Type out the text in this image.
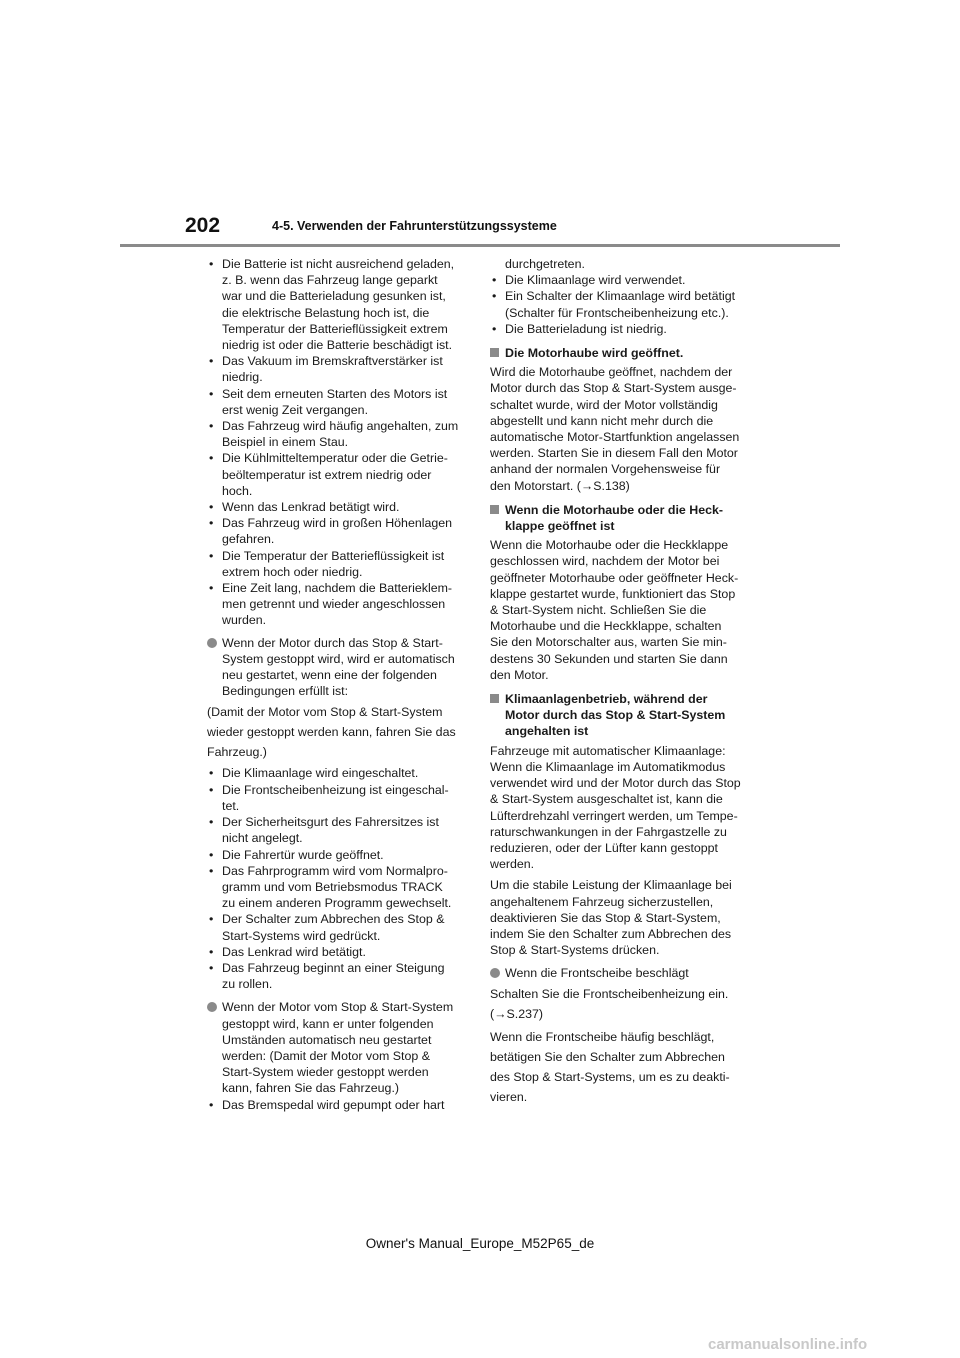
202	4-5. Verwenden der Fahrunterstützungssysteme
• Die Batterie ist nicht ausreichend geladen,
z. B. wenn das Fahrzeug lange geparkt
war und die Batterieladung gesunken ist,
die elektrische Belastung hoch ist, die
Temperatur der Batterieflüssigkeit extrem
niedrig ist oder die Batterie beschädigt ist.
• Das Vakuum im Bremskraftverstärker ist
niedrig.
• Seit dem erneuten Starten des Motors ist
erst wenig Zeit vergangen.
• Das Fahrzeug wird häufig angehalten, zum
Beispiel in einem Stau.
• Die Kühlmitteltemperatur oder die Getrie-
beöltemperatur ist extrem niedrig oder
hoch.
• Wenn das Lenkrad betätigt wird.
• Das Fahrzeug wird in großen Höhenlagen
gefahren.
• Die Temperatur der Batterieflüssigkeit ist
extrem hoch oder niedrig.
• Eine Zeit lang, nachdem die Batterieklem-
men getrennt und wieder angeschlossen
wurden.
Wenn der Motor durch das Stop & Start-
System gestoppt wird, wird er automatisch
neu gestartet, wenn eine der folgenden
Bedingungen erfüllt ist:
(Damit der Motor vom Stop & Start-System
wieder gestoppt werden kann, fahren Sie das
Fahrzeug.)
• Die Klimaanlage wird eingeschaltet.
• Die Frontscheibenheizung ist eingeschal-
tet.
• Der Sicherheitsgurt des Fahrersitzes ist
nicht angelegt.
• Die Fahrertür wurde geöffnet.
• Das Fahrprogramm wird vom Normalpro-
gramm und vom Betriebsmodus TRACK
zu einem anderen Programm gewechselt.
• Der Schalter zum Abbrechen des Stop &
Start-Systems wird gedrückt.
• Das Lenkrad wird betätigt.
• Das Fahrzeug beginnt an einer Steigung
zu rollen.
Wenn der Motor vom Stop & Start-System
gestoppt wird, kann er unter folgenden
Umständen automatisch neu gestartet
werden: (Damit der Motor vom Stop &
Start-System wieder gestoppt werden
kann, fahren Sie das Fahrzeug.)
• Das Bremspedal wird gepumpt oder hart
durchgetreten.
• Die Klimaanlage wird verwendet.
• Ein Schalter der Klimaanlage wird betätigt
(Schalter für Frontscheibenheizung etc.).
• Die Batterieladung ist niedrig.
Die Motorhaube wird geöffnet.
Wird die Motorhaube geöffnet, nachdem der
Motor durch das Stop & Start-System ausge-
schaltet wurde, wird der Motor vollständig
abgestellt und kann nicht mehr durch die
automatische Motor-Startfunktion angelassen
werden. Starten Sie in diesem Fall den Motor
anhand der normalen Vorgehensweise für
den Motorstart. (→S.138)
Wenn die Motorhaube oder die Heck-
klappe geöffnet ist
Wenn die Motorhaube oder die Heckklappe
geschlossen wird, nachdem der Motor bei
geöffneter Motorhaube oder geöffneter Heck-
klappe gestartet wurde, funktioniert das Stop
& Start-System nicht. Schließen Sie die
Motorhaube und die Heckklappe, schalten
Sie den Motorschalter aus, warten Sie min-
destens 30 Sekunden und starten Sie dann
den Motor.
Klimaanlagenbetrieb, während der
Motor durch das Stop & Start-System
angehalten ist
Fahrzeuge mit automatischer Klimaanlage:
Wenn die Klimaanlage im Automatikmodus
verwendet wird und der Motor durch das Stop
& Start-System ausgeschaltet ist, kann die
Lüfterdrehzahl verringert werden, um Tempe-
raturschwankungen in der Fahrgastzelle zu
reduzieren, oder der Lüfter kann gestoppt
werden.
Um die stabile Leistung der Klimaanlage bei
angehaltenem Fahrzeug sicherzustellen,
deaktivieren Sie das Stop & Start-System,
indem Sie den Schalter zum Abbrechen des
Stop & Start-Systems drücken.
Wenn die Frontscheibe beschlägt
Schalten Sie die Frontscheibenheizung ein.
(→S.237)
Wenn die Frontscheibe häufig beschlägt,
betätigen Sie den Schalter zum Abbrechen
des Stop & Start-Systems, um es zu deakti-
vieren.
Owner's Manual_Europe_M52P65_de
carmanualsonline.info
